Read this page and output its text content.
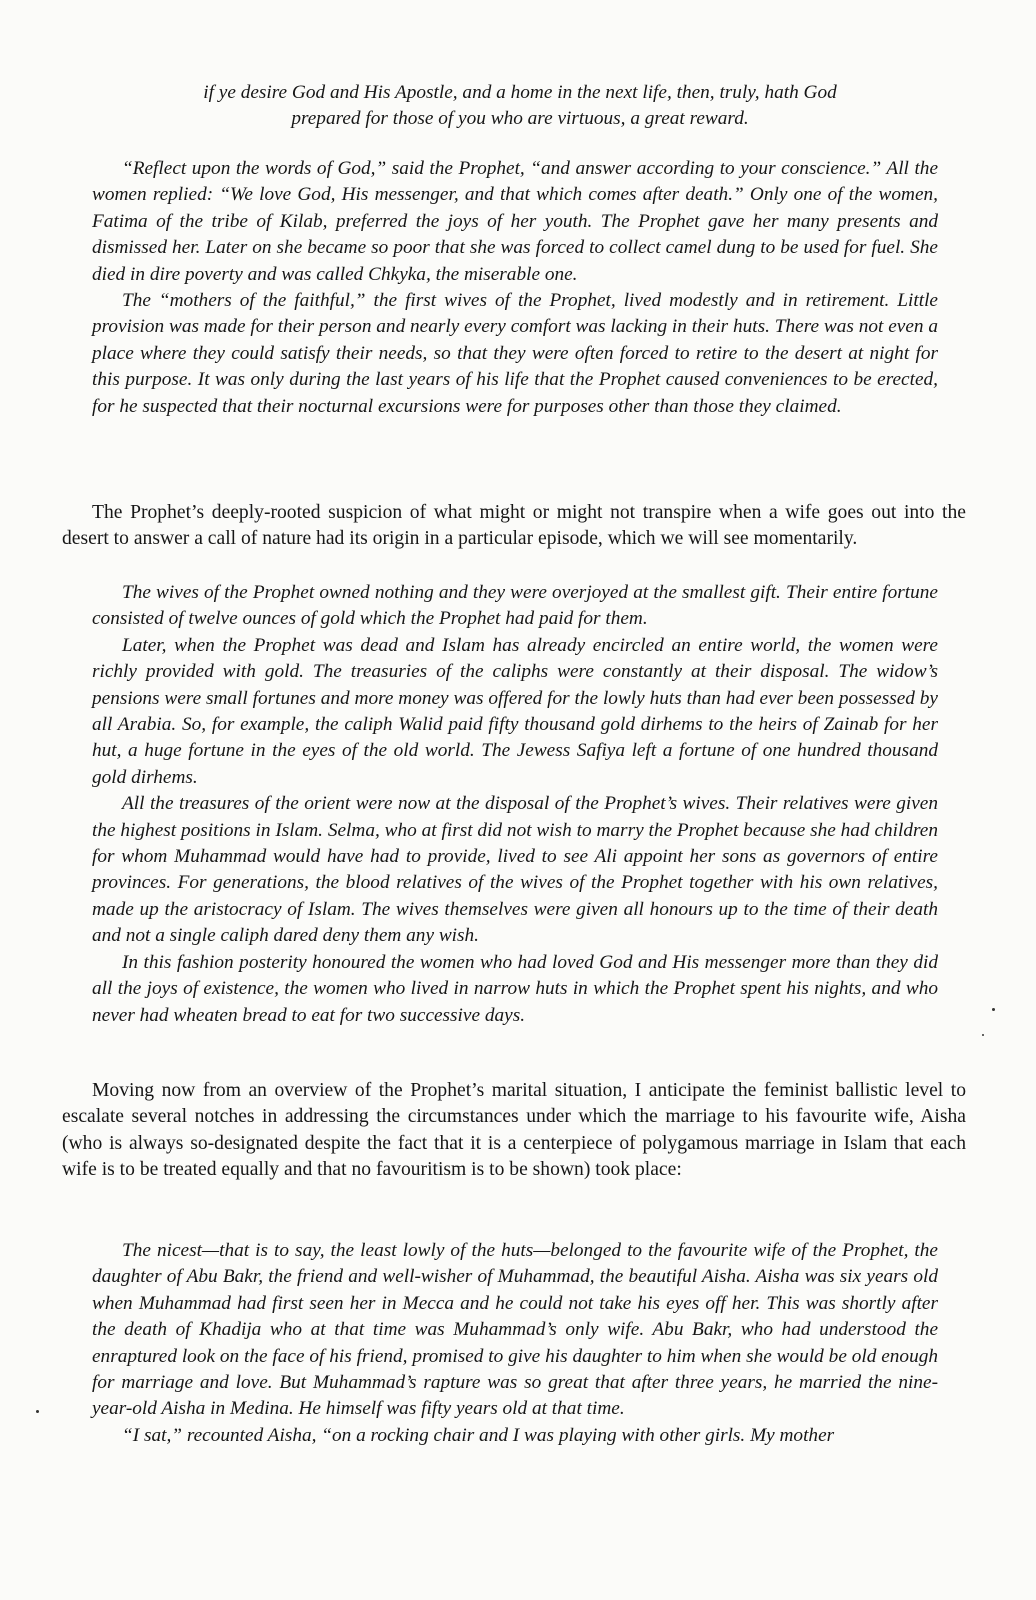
if ye desire God and His Apostle, and a home in the next life, then, truly, hath God

prepared for those of you who are virtuous, a great reward.

“Reflect upon the words of God,” said the Prophet, “and answer according to your conscience.” All the women replied: “We love God, His messenger, and that which comes after death.” Only one of the women, Fatima of the tribe of Kilab, preferred the joys of her youth. The Prophet gave her many presents and dismissed her. Later on she became so poor that she was forced to collect camel dung to be used for fuel. She died in dire poverty and was called Chkyka, the miserable one.

The “mothers of the faithful,” the first wives of the Prophet, lived modestly and in retirement. Little provision was made for their person and nearly every comfort was lacking in their huts. There was not even a place where they could satisfy their needs, so that they were often forced to retire to the desert at night for this purpose. It was only during the last years of his life that the Prophet caused conveniences to be erected, for he suspected that their nocturnal excursions were for purposes other than those they claimed.

The Prophet’s deeply-rooted suspicion of what might or might not transpire when a wife goes out into the desert to answer a call of nature had its origin in a particular episode, which we will see momentarily.

The wives of the Prophet owned nothing and they were overjoyed at the smallest gift. Their entire fortune consisted of twelve ounces of gold which the Prophet had paid for them.

Later, when the Prophet was dead and Islam has already encircled an entire world, the women were richly provided with gold. The treasuries of the caliphs were constantly at their disposal. The widow’s pensions were small fortunes and more money was offered for the lowly huts than had ever been possessed by all Arabia. So, for example, the caliph Walid paid fifty thousand gold dirhems to the heirs of Zainab for her hut, a huge fortune in the eyes of the old world. The Jewess Safiya left a fortune of one hundred thousand gold dirhems.

All the treasures of the orient were now at the disposal of the Prophet’s wives. Their relatives were given the highest positions in Islam. Selma, who at first did not wish to marry the Prophet because she had children for whom Muhammad would have had to provide, lived to see Ali appoint her sons as governors of entire provinces. For generations, the blood relatives of the wives of the Prophet together with his own relatives, made up the aristocracy of Islam. The wives themselves were given all honours up to the time of their death and not a single caliph dared deny them any wish.

In this fashion posterity honoured the women who had loved God and His messenger more than they did all the joys of existence, the women who lived in narrow huts in which the Prophet spent his nights, and who never had wheaten bread to eat for two successive days.

Moving now from an overview of the Prophet’s marital situation, I anticipate the feminist ballistic level to escalate several notches in addressing the circumstances under which the marriage to his favourite wife, Aisha (who is always so-designated despite the fact that it is a centerpiece of polygamous marriage in Islam that each wife is to be treated equally and that no favouritism is to be shown) took place:

The nicest—that is to say, the least lowly of the huts—belonged to the favourite wife of the Prophet, the daughter of Abu Bakr, the friend and well-wisher of Muhammad, the beautiful Aisha. Aisha was six years old when Muhammad had first seen her in Mecca and he could not take his eyes off her. This was shortly after the death of Khadija who at that time was Muhammad’s only wife. Abu Bakr, who had understood the enraptured look on the face of his friend, promised to give his daughter to him when she would be old enough for marriage and love. But Muhammad’s rapture was so great that after three years, he married the nine-year-old Aisha in Medina. He himself was fifty years old at that time.

“I sat,” recounted Aisha, “on a rocking chair and I was playing with other girls. My mother
